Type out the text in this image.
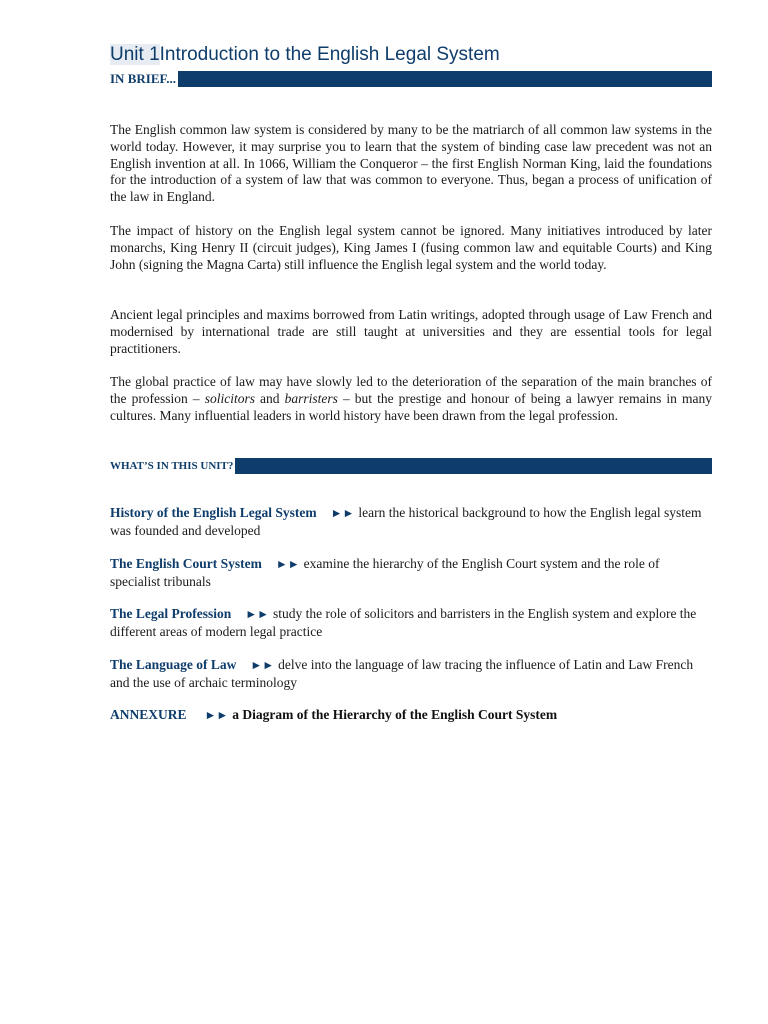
Unit 1Introduction to the English Legal System
IN BRIEF...

The English common law system is considered by many to be the matriarch of all common law systems in the world today. However, it may surprise you to learn that the system of binding case law precedent was not an English invention at all. In 1066, William the Conqueror – the first English Norman King, laid the foundations for the introduction of a system of law that was common to everyone. Thus, began a process of unification of the law in England.

The impact of history on the English legal system cannot be ignored. Many initiatives introduced by later monarchs, King Henry II (circuit judges), King James I (fusing common law and equitable Courts) and King John (signing the Magna Carta) still influence the English legal system and the world today.

Ancient legal principles and maxims borrowed from Latin writings, adopted through usage of Law French and modernised by international trade are still taught at universities and they are essential tools for legal practitioners.

The global practice of law may have slowly led to the deterioration of the separation of the main branches of the profession – solicitors and barristers – but the prestige and honour of being a lawyer remains in many cultures. Many influential leaders in world history have been drawn from the legal profession.

WHAT’S IN THIS UNIT?
History of the English Legal System ►► learn the historical background to how the English legal system was founded and developed
The English Court System ►► examine the hierarchy of the English Court system and the role of specialist tribunals
The Legal Profession ►► study the role of solicitors and barristers in the English system and explore the different areas of modern legal practice
The Language of Law ►► delve into the language of law tracing the influence of Latin and Law French and the use of archaic terminology
ANNEXURE ►► a Diagram of the Hierarchy of the English Court System
